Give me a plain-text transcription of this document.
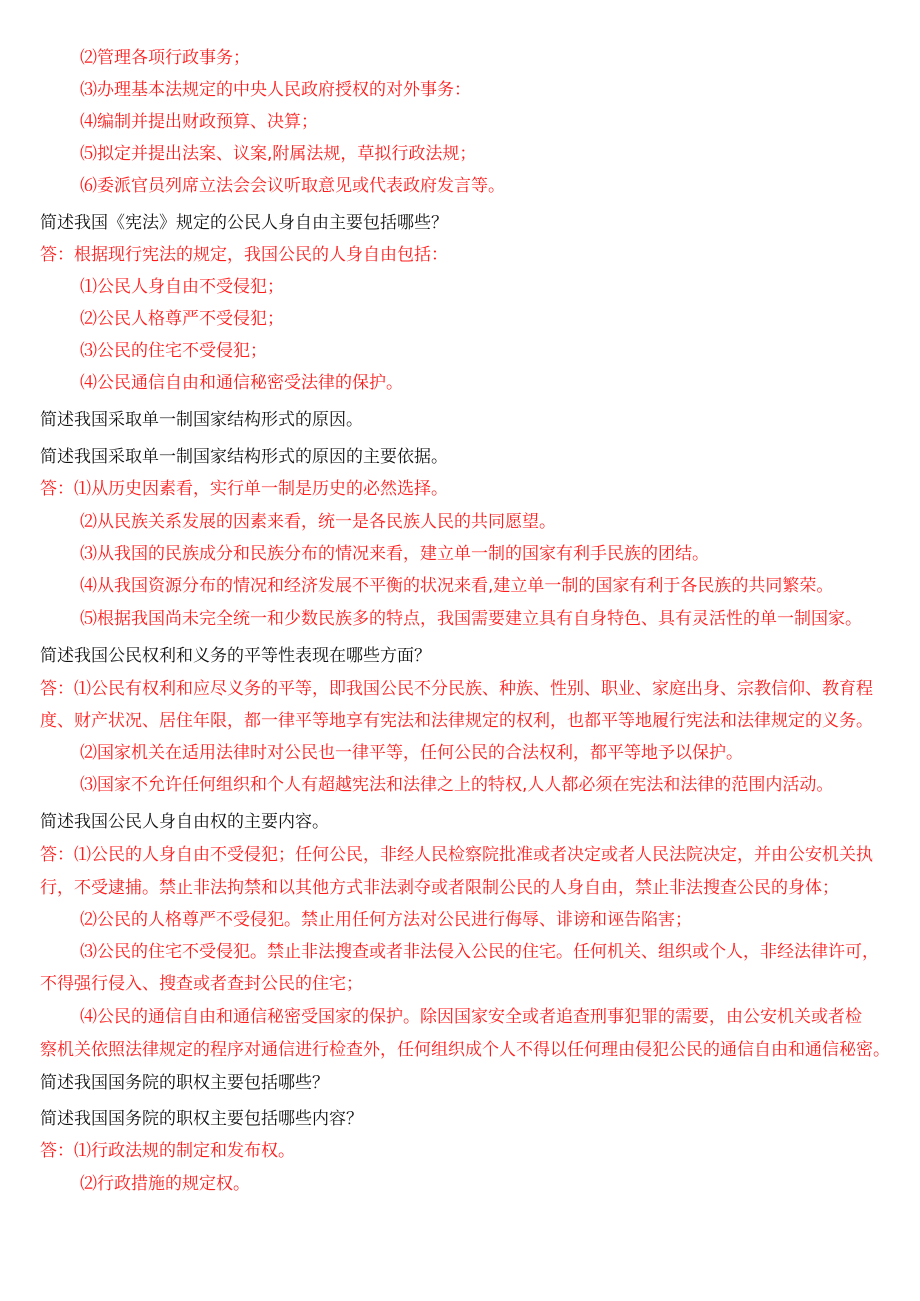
⑵管理各项行政事务；
⑶办理基本法规定的中央人民政府授权的对外事务：
⑷编制并提出财政预算、决算；
⑸拟定并提出法案、议案,附属法规，草拟行政法规；
⑹委派官员列席立法会会议听取意见或代表政府发言等。
简述我国《宪法》规定的公民人身自由主要包括哪些？
答：根据现行宪法的规定，我国公民的人身自由包括：
⑴公民人身自由不受侵犯；
⑵公民人格尊严不受侵犯；
⑶公民的住宅不受侵犯；
⑷公民通信自由和通信秘密受法律的保护。
简述我国采取单一制国家结构形式的原因。
简述我国采取单一制国家结构形式的原因的主要依据。
答：⑴从历史因素看，实行单一制是历史的必然选择。
⑵从民族关系发展的因素来看，统一是各民族人民的共同愿望。
⑶从我国的民族成分和民族分布的情况来看，建立单一制的国家有利手民族的团结。
⑷从我国资源分布的情况和经济发展不平衡的状况来看,建立单一制的国家有利于各民族的共同繁荣。
⑸根据我国尚未完全统一和少数民族多的特点，我国需要建立具有自身特色、具有灵活性的单一制国家。
简述我国公民权利和义务的平等性表现在哪些方面？
答：⑴公民有权利和应尽义务的平等，即我国公民不分民族、种族、性别、职业、家庭出身、宗教信仰、教育程
度、财产状况、居住年限，都一律平等地享有宪法和法律规定的权利，也都平等地履行宪法和法律规定的义务。
⑵国家机关在适用法律时对公民也一律平等，任何公民的合法权利，都平等地予以保护。
⑶国家不允许任何组织和个人有超越宪法和法律之上的特权,人人都必须在宪法和法律的范围内活动。
简述我国公民人身自由权的主要内容。
答：⑴公民的人身自由不受侵犯；任何公民，非经人民检察院批准或者决定或者人民法院决定，并由公安机关执
行，不受逮捕。禁止非法拘禁和以其他方式非法剥夺或者限制公民的人身自由，禁止非法搜查公民的身体；
⑵公民的人格尊严不受侵犯。禁止用任何方法对公民进行侮辱、诽谤和诬告陷害；
⑶公民的住宅不受侵犯。禁止非法搜查或者非法侵入公民的住宅。任何机关、组织或个人，非经法律许可，
不得强行侵入、搜查或者查封公民的住宅；
⑷公民的通信自由和通信秘密受国家的保护。除因国家安全或者追查刑事犯罪的需要，由公安机关或者检
察机关依照法律规定的程序对通信进行检查外，任何组织成个人不得以任何理由侵犯公民的通信自由和通信秘密。
简述我国国务院的职权主要包括哪些？
简述我国国务院的职权主要包括哪些内容？
答：⑴行政法规的制定和发布权。
⑵行政措施的规定权。
